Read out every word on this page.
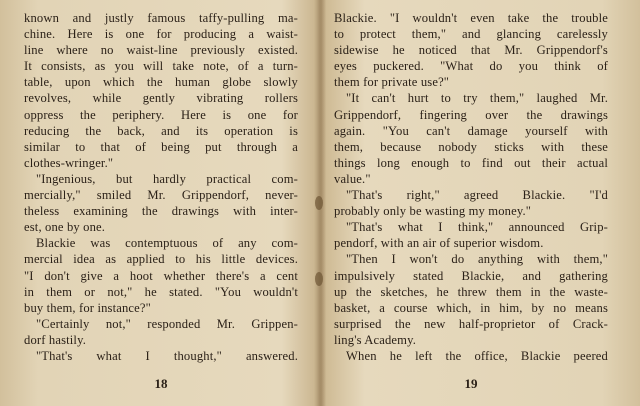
known and justly famous taffy-pulling ma-
chine. Here is one for producing a waist-
line where no waist-line previously existed.
It consists, as you will take note, of a turn-
table, upon which the human globe slowly
revolves, while gently vibrating rollers
oppress the periphery. Here is one for
reducing the back, and its operation is
similar to that of being put through a
clothes-wringer."
"Ingenious, but hardly practical com-
mercially," smiled Mr. Grippendorf, never-
theless examining the drawings with inter-
est, one by one.
Blackie was contemptuous of any com-
mercial idea as applied to his little devices.
"I don't give a hoot whether there's a cent
in them or not," he stated. "You wouldn't
buy them, for instance?"
"Certainly not," responded Mr. Grippen-
dorf hastily.
"That's what I thought," answered.
18
Blackie. "I wouldn't even take the trouble
to protect them," and glancing carelessly
sidewise he noticed that Mr. Grippendorf's
eyes puckered. "What do you think of
them for private use?"
"It can't hurt to try them," laughed Mr.
Grippendorf, fingering over the drawings
again. "You can't damage yourself with
them, because nobody sticks with these
things long enough to find out their actual
value."
"That's right," agreed Blackie. "I'd
probably only be wasting my money."
"That's what I think," announced Grip-
pendorf, with an air of superior wisdom.
"Then I won't do anything with them,"
impulsively stated Blackie, and gathering
up the sketches, he threw them in the waste-
basket, a course which, in him, by no means
surprised the new half-proprietor of Crack-
ling's Academy.
When he left the office, Blackie peered
19
